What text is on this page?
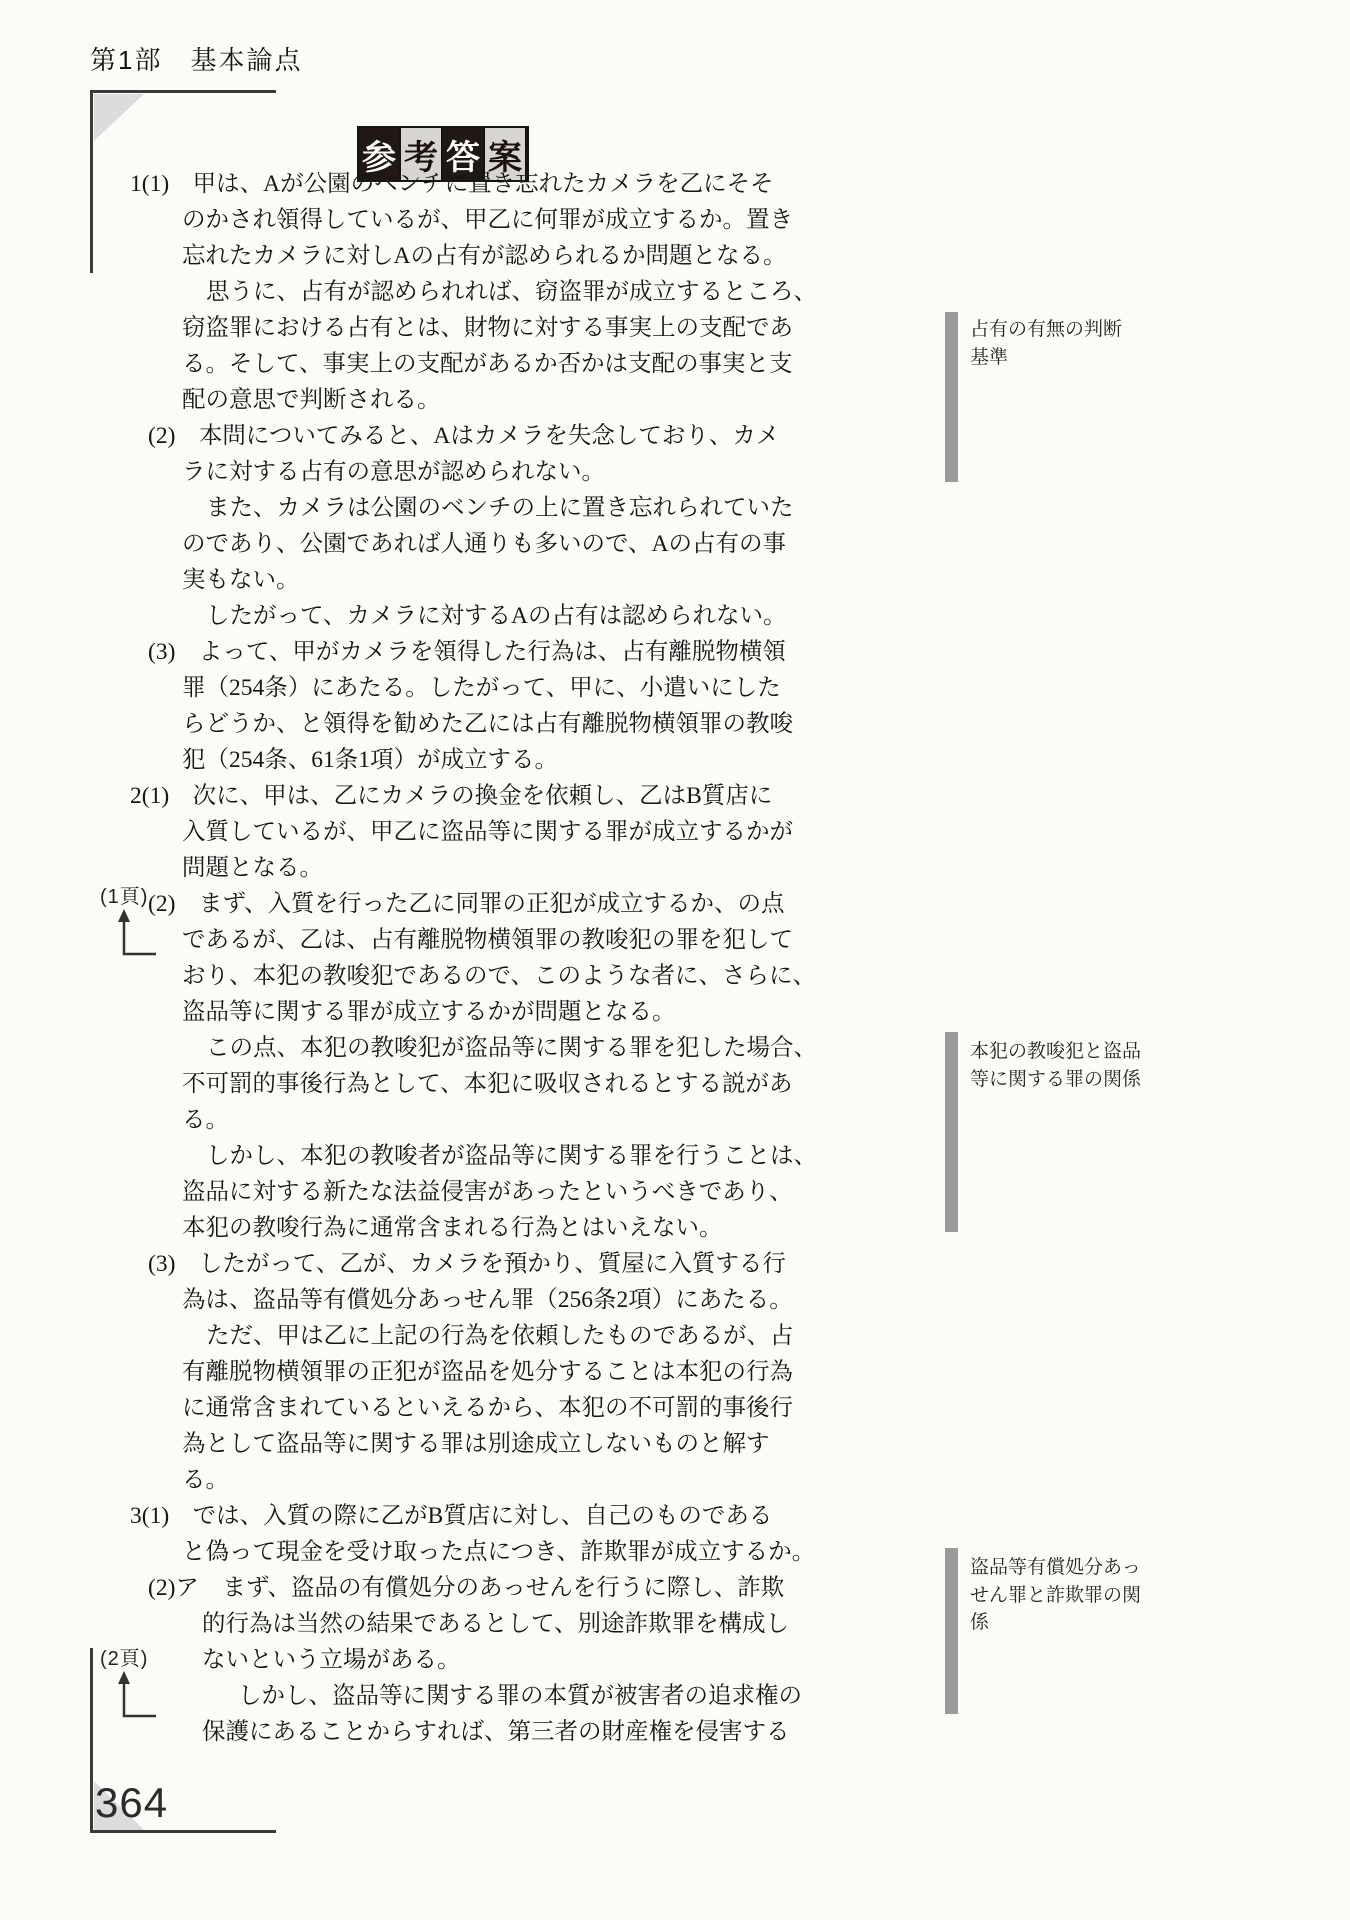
第1部　基本論点
参 考 答 案
1(1)　甲は、Aが公園のベンチに置き忘れたカメラを乙にそそ
のかされ領得しているが、甲乙に何罪が成立するか。置き
忘れたカメラに対しAの占有が認められるか問題となる。
思うに、占有が認められれば、窃盗罪が成立するところ、
窃盗罪における占有とは、財物に対する事実上の支配であ
る。そして、事実上の支配があるか否かは支配の事実と支
配の意思で判断される。
(2)　本問についてみると、Aはカメラを失念しており、カメ
ラに対する占有の意思が認められない。
また、カメラは公園のベンチの上に置き忘れられていた
のであり、公園であれば人通りも多いので、Aの占有の事
実もない。
したがって、カメラに対するAの占有は認められない。
(3)　よって、甲がカメラを領得した行為は、占有離脱物横領
罪（254条）にあたる。したがって、甲に、小遣いにした
らどうか、と領得を勧めた乙には占有離脱物横領罪の教唆
犯（254条、61条1項）が成立する。
2(1)　次に、甲は、乙にカメラの換金を依頼し、乙はB質店に
入質しているが、甲乙に盗品等に関する罪が成立するかが
問題となる。
(2)　まず、入質を行った乙に同罪の正犯が成立するか、の点
であるが、乙は、占有離脱物横領罪の教唆犯の罪を犯して
おり、本犯の教唆犯であるので、このような者に、さらに、
盗品等に関する罪が成立するかが問題となる。
この点、本犯の教唆犯が盗品等に関する罪を犯した場合、
不可罰的事後行為として、本犯に吸収されるとする説があ
る。
しかし、本犯の教唆者が盗品等に関する罪を行うことは、
盗品に対する新たな法益侵害があったというべきであり、
本犯の教唆行為に通常含まれる行為とはいえない。
(3)　したがって、乙が、カメラを預かり、質屋に入質する行
為は、盗品等有償処分あっせん罪（256条2項）にあたる。
ただ、甲は乙に上記の行為を依頼したものであるが、占
有離脱物横領罪の正犯が盗品を処分することは本犯の行為
に通常含まれているといえるから、本犯の不可罰的事後行
為として盗品等に関する罪は別途成立しないものと解す
る。
3(1)　では、入質の際に乙がB質店に対し、自己のものである
と偽って現金を受け取った点につき、詐欺罪が成立するか。
(2)ア　まず、盗品の有償処分のあっせんを行うに際し、詐欺
的行為は当然の結果であるとして、別途詐欺罪を構成し
ないという立場がある。
しかし、盗品等に関する罪の本質が被害者の追求権の
保護にあることからすれば、第三者の財産権を侵害する
占有の有無の判断
基準
本犯の教唆犯と盗品
等に関する罪の関係
盗品等有償処分あっ
せん罪と詐欺罪の関
係
(1頁)
(2頁)
364
